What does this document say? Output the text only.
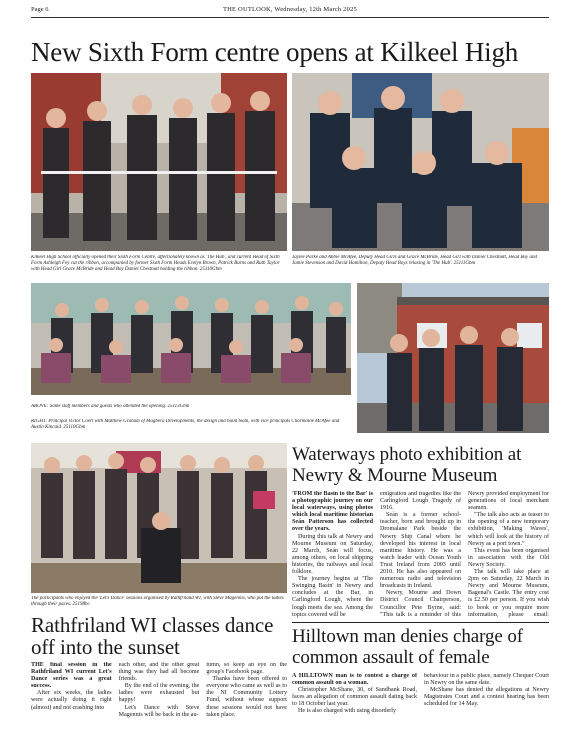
Page 6	THE OUTLOOK, Wednesday, 12th March 2025
New Sixth Form centre opens at Kilkeel High
Kilkeel High School officially opened their Sixth Form Centre, affectionately known as 'The Hub', and current Head of Sixth Form Ashleigh Fey cut the ribbon, accompanied by former Sixth Form Heads Evelyn Brown, Patrick Burns and Ruth Taylor with Head Girl Grace McBride and Head Boy Daniel Chestnutt holding the ribbon. 25110Gbm
Jaylee Parke and Abbie McAfee, Deputy Head Girls and Grace McBride, Head Girl with Daniel Chestnutt, Head Boy and Jamie Stevenson and David Hamilton, Deputy Head Boys relaxing in 'The Hub'. 25111Gbm
ABOVE: Some staff members and guests who attended the opening. 25113Gbm
RIGHT: Principal Victor Coert with Matthew Graham of Magbera Developments, the design and build team, with vice principals Charmaine McAfee and Austin Kincaid. 25110Gbm
The participants who enjoyed the 'Let's Dance' sessions organised by Rathfriland WI, with Steve Magennis, who put the ladies through their paces. 25198bc
Waterways photo exhibition at Newry & Mourne Museum

'FROM the Basin to the Bar' is a photographic journey on our local waterways, using photos which local maritime historian Seán Patterson has collected over the years.

During this talk at Newry and Mourne Museum on Saturday, 22 March, Seán will focus, among others, on local shipping histories, the railways and local folklore.

The journey begins at 'The Swinging Basin' in Newry and concludes at the Bar, in Carlingford Lough, where the lough meets the sea. Among the topics covered will be

emigration and tragedies like the Carlingford Lough Tragedy of 1916.

Seán is a former school-teacher, born and brought up in Dromalane Park beside the Newry Ship Canal where he developed his interest in local maritime history. He was a watch leader with Ocean Youth Trust Ireland from 2003 until 2010. He has also appeared on numerous radio and television broadcasts in Ireland.

Newry, Mourne and Down District Council Chairperson, Councillor Pete Byrne, said: "This talk is a reminder of this

Newry provided employment for generations of local merchant seamen.

"The talk also acts as teaser to the opening of a new temporary exhibition, 'Making Waves', which will look at the history of Newry as a port town."

This event has been organised in association with the Old Newry Society.

The talk will take place at 2pm on Saturday, 22 March in Newry and Mourne Museum, Bagenal's Castle. The entry cost is £2.50 per person. If you wish to book or you require more information, please email:

Rathfriland WI classes dance off into the sunset

THE final session in the Rathfriland WI current Let's Dance series was a great success.

After six weeks, the ladies were actually doing it right (almost) and not crashing into

each other, and the other great thing was they had all become friends.

By the end of the evening, the ladies were exhausted but happy!

Let's Dance with Steve Magennis will be back in the au-

tumn, so keep an eye on the group's Facebook page.

Thanks have been offered to everyone who came as well as to the NI Community Lottery Fund, without whose support these sessions would not have taken place.

Hilltown man denies charge of common assault of female

A HILLTOWN man is to contest a charge of common assault on a woman.

Christopher McShane, 30, of Sandbank Road, faces an allegation of common assault dating back to 18 October last year.

He is also charged with using disorderly

behaviour in a public place, namely Chequer Court in Newry on the same date.

McShane has denied the allegations at Newry Magistrates Court and a contest hearing has been scheduled for 14 May.
